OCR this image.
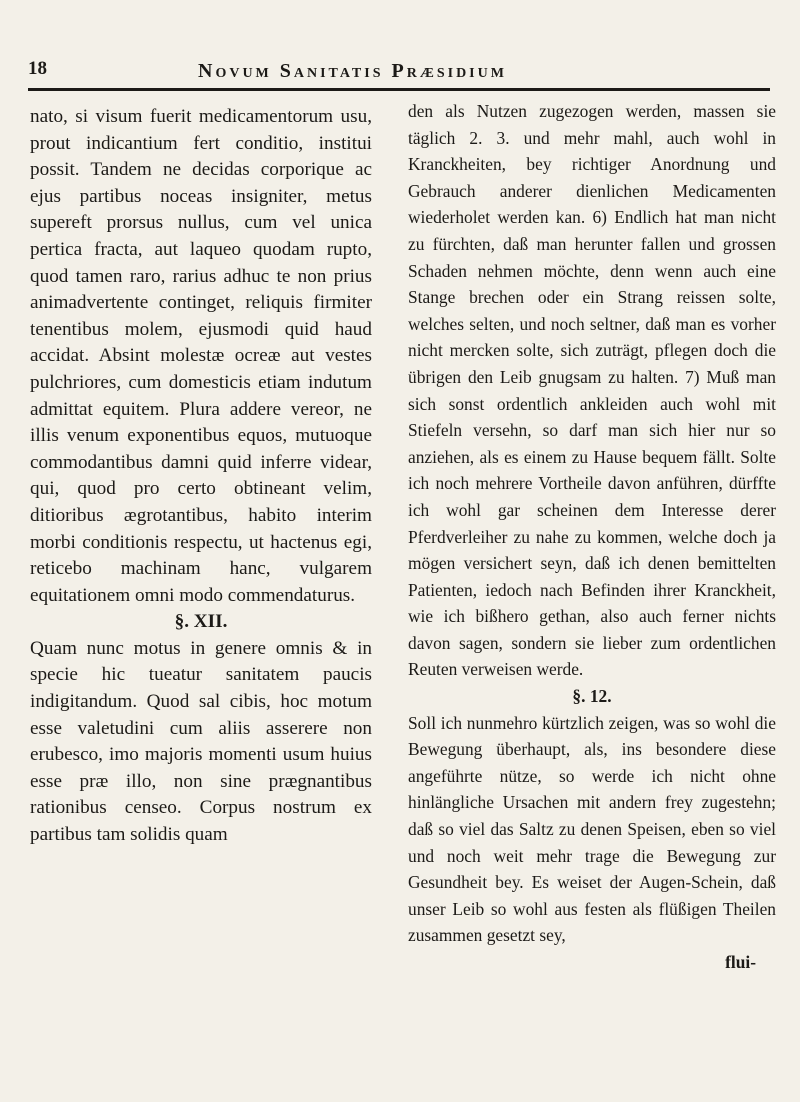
18	Novum Sanitatis Præsidium

nato, si visum fuerit medicamentorum usu, prout indicantium fert conditio, institui possit. Tandem ne decidas corporique ac ejus partibus noceas insigniter, metus supereft prorsus nullus, cum vel unica pertica fracta, aut laqueo quodam rupto, quod tamen raro, rarius adhuc te non prius animadvertente continget, reliquis firmiter tenentibus molem, ejusmodi quid haud accidat. Absint molestæ ocreæ aut vestes pulchriores, cum domesticis etiam indutum admittat equitem. Plura addere vereor, ne illis venum exponentibus equos, mutuoque commodantibus damni quid inferre videar, qui, quod pro certo obtineant velim, ditioribus ægrotantibus, habito interim morbi conditionis respectu, ut hactenus egi, reticebo machinam hanc, vulgarem equitationem omni modo commendaturus.

§. XII.

Quam nunc motus in genere omnis & in specie hic tueatur sanitatem paucis indigitandum. Quod sal cibis, hoc motum esse valetudini cum aliis asserere non erubesco, imo majoris momenti usum huius esse præ illo, non sine prægnantibus rationibus censeo. Corpus nostrum ex partibus tam solidis quam

den als Nutzen zugezogen werden, massen sie täglich 2. 3. und mehr mahl, auch wohl in Kranckheiten, bey richtiger Anordnung und Gebrauch anderer dienlichen Medicamenten wiederholet werden kan. 6) Endlich hat man nicht zu fürchten, daß man herunter fallen und grossen Schaden nehmen möchte, denn wenn auch eine Stange brechen oder ein Strang reissen solte, welches selten, und noch seltner, daß man es vorher nicht mercken solte, sich zuträgt, pflegen doch die übrigen den Leib gnugsam zu halten. 7) Muß man sich sonst ordentlich ankleiden auch wohl mit Stiefeln versehn, so darf man sich hier nur so anziehen, als es einem zu Hause bequem fällt. Solte ich noch mehrere Vortheile davon anführen, dürffte ich wohl gar scheinen dem Interesse derer Pferdverleiher zu nahe zu kommen, welche doch ja mögen versichert seyn, daß ich denen bemittelten Patienten, iedoch nach Befinden ihrer Kranckheit, wie ich bißhero gethan, also auch ferner nichts davon sagen, sondern sie lieber zum ordentlichen Reuten verweisen werde.

§. 12.

Soll ich nunmehro kürtzlich zeigen, was so wohl die Bewegung überhaupt, als, ins besondere diese angeführte nütze, so werde ich nicht ohne hinlängliche Ursachen mit andern frey zugestehn; daß so viel das Saltz zu denen Speisen, eben so viel und noch weit mehr trage die Bewegung zur Gesundheit bey. Es weiset der Augen-Schein, daß unser Leib so wohl aus festen als flüßigen Theilen zusammen gesetzt sey,

flui-
